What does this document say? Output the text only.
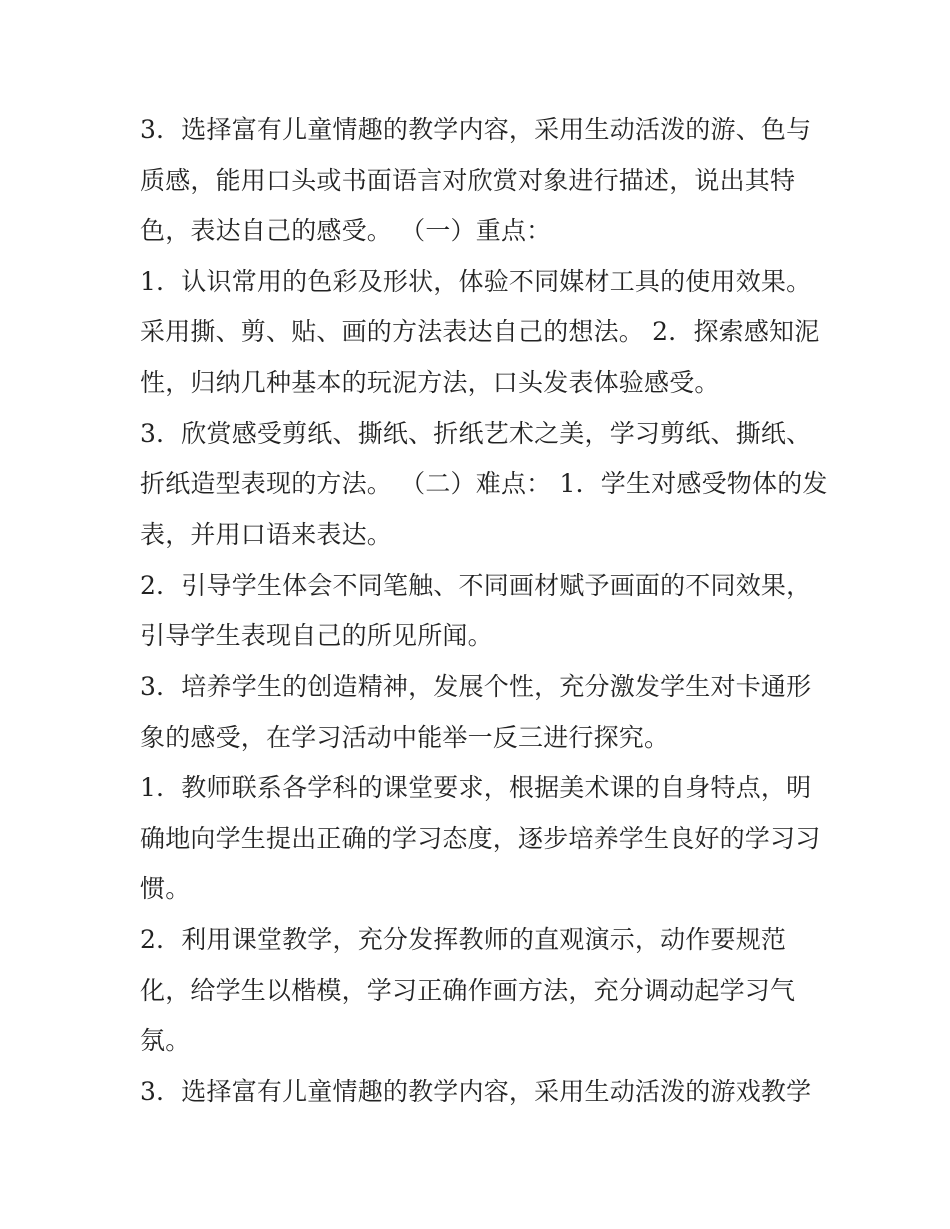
3．选择富有儿童情趣的教学内容，采用生动活泼的游、色与
质感，能用口头或书面语言对欣赏对象进行描述，说出其特
色，表达自己的感受。 （一）重点：
1．认识常用的色彩及形状，体验不同媒材工具的使用效果。
采用撕、剪、贴、画的方法表达自己的想法。 2．探索感知泥
性，归纳几种基本的玩泥方法，口头发表体验感受。
3．欣赏感受剪纸、撕纸、折纸艺术之美，学习剪纸、撕纸、
折纸造型表现的方法。 （二）难点： 1．学生对感受物体的发
表，并用口语来表达。
2．引导学生体会不同笔触、不同画材赋予画面的不同效果，
引导学生表现自己的所见所闻。
3．培养学生的创造精神，发展个性，充分激发学生对卡通形
象的感受，在学习活动中能举一反三进行探究。
1．教师联系各学科的课堂要求，根据美术课的自身特点，明
确地向学生提出正确的学习态度，逐步培养学生良好的学习习
惯。
2．利用课堂教学，充分发挥教师的直观演示，动作要规范
化，给学生以楷模，学习正确作画方法，充分调动起学习气
氛。
3．选择富有儿童情趣的教学内容，采用生动活泼的游戏教学
